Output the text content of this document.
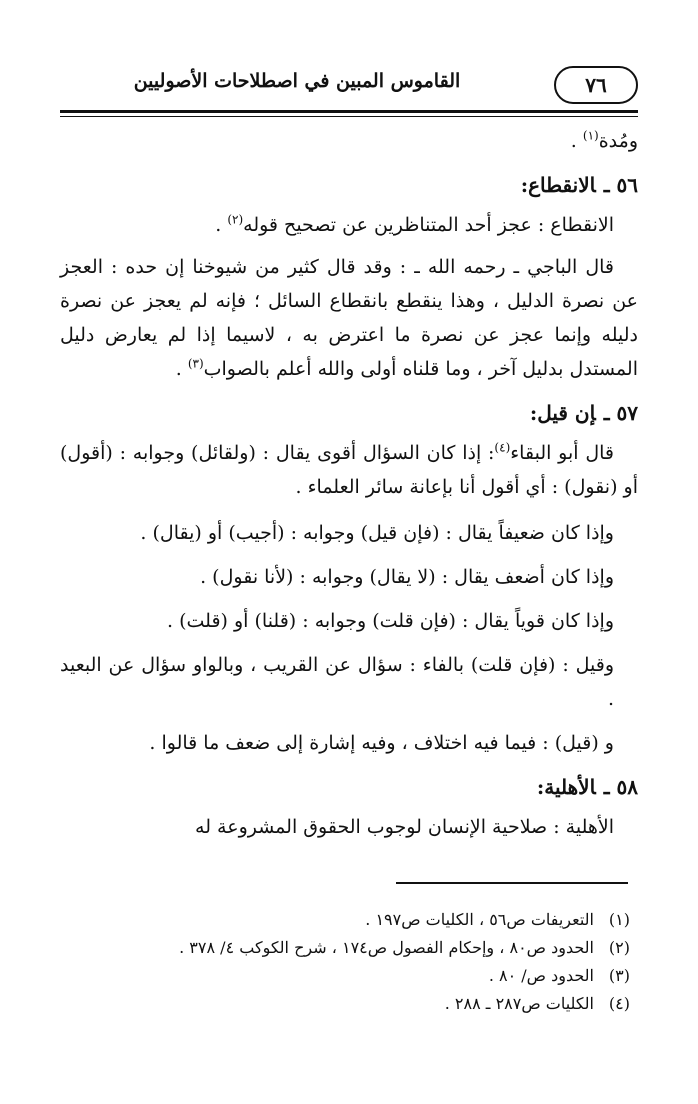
٧٦
القاموس المبين في اصطلاحات الأصوليين

ومُدة$^{(١)}$ .

٥٦ ـالانقطاع:

الانقطاع : عجز أحد المتناظرين عن تصحيح قوله$^{(٢)}$ .

قال الباجي ـ رحمه الله ـ : وقد قال كثير من شيوخنا إن حده : العجز عن نصرة الدليل ، وهذا ينقطع بانقطاع السائل ؛ فإنه لم يعجز عن نصرة دليله وإنما عجز عن نصرة ما اعترض به ، لاسيما إذا لم يعارض دليل المستدل بدليل آخر ، وما قلناه أولى والله أعلم بالصواب$^{(٣)}$ .

٥٧ ـإن قيل:

قال أبو البقاء$^{(٤)}$: إذا كان السؤال أقوى يقال : (ولقائل) وجوابه : (أقول) أو (نقول) : أي أقول أنا بإعانة سائر العلماء .

وإذا كان ضعيفاً يقال : (فإن قيل) وجوابه : (أجيب) أو (يقال) .

وإذا كان أضعف يقال : (لا يقال) وجوابه : (لأنا نقول) .

وإذا كان قوياً يقال : (فإن قلت) وجوابه : (قلنا) أو (قلت) .

وقيل : (فإن قلت) بالفاء : سؤال عن القريب ، وبالواو سؤال عن البعيد .

و (قيل) : فيما فيه اختلاف ، وفيه إشارة إلى ضعف ما قالوا .

٥٨ ـالأهلية:

الأهلية : صلاحية الإنسان لوجوب الحقوق المشروعة له

(١)التعريفات ص٥٦ ، الكليات ص١٩٧ .
(٢)الحدود ص٨٠ ، وإحكام الفصول ص١٧٤ ، شرح الكوكب ٤/ ٣٧٨ .
(٣)الحدود ص/ ٨٠ .
(٤)الكليات ص٢٨٧ ـ ٢٨٨ .
